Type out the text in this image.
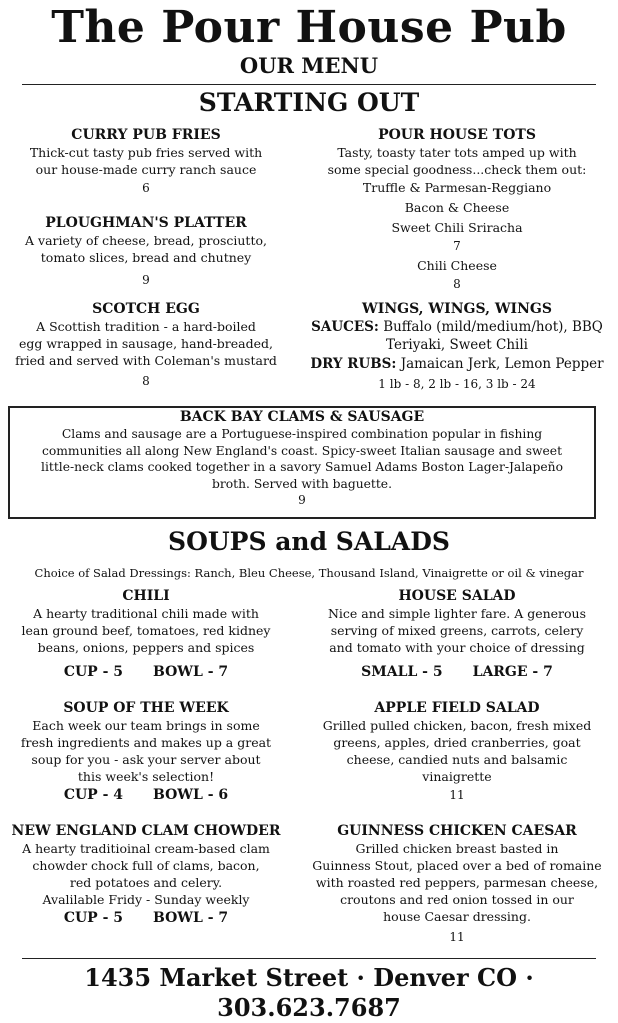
The Pour House Pub
OUR MENU
STARTING OUT
CURRY PUB FRIES
Thick-cut tasty pub fries served with
our house-made curry ranch sauce
6
PLOUGHMAN'S PLATTER
A variety of cheese, bread, prosciutto,
tomato slices, bread and chutney
9
SCOTCH EGG
A Scottish tradition - a hard-boiled
egg wrapped in sausage, hand-breaded,
fried and served with Coleman's mustard
8
POUR HOUSE TOTS
Tasty, toasty tater tots amped up with
some special goodness...check them out:
Truffle & Parmesan-Reggiano
Bacon & Cheese
Sweet Chili Sriracha
7
Chili Cheese
8
WINGS, WINGS, WINGS
SAUCES: Buffalo (mild/medium/hot), BBQ
Teriyaki, Sweet Chili
DRY RUBS: Jamaican Jerk, Lemon Pepper
1 lb - 8, 2 lb - 16, 3 lb - 24
BACK BAY CLAMS & SAUSAGE
Clams and sausage are a Portuguese-inspired combination popular in fishing
communities all along New England's coast. Spicy-sweet Italian sausage and sweet
little-neck clams cooked together in a savory Samuel Adams Boston Lager-Jalapeño
broth. Served with baguette.
9
SOUPS and SALADS
Choice of Salad Dressings: Ranch, Bleu Cheese, Thousand Island, Vinaigrette or oil & vinegar
CHILI
A hearty traditional chili made with
lean ground beef, tomatoes, red kidney
beans, onions, peppers and spices
CUP - 5 BOWL - 7
SOUP OF THE WEEK
Each week our team brings in some
fresh ingredients and makes up a great
soup for you - ask your server about
this week's selection!
CUP - 4 BOWL - 6
NEW ENGLAND CLAM CHOWDER
A hearty traditioinal cream-based clam
chowder chock full of clams, bacon,
red potatoes and celery.
Avalilable Fridy - Sunday weekly
CUP - 5 BOWL - 7
HOUSE SALAD
Nice and simple lighter fare. A generous
serving of mixed greens, carrots, celery
and tomato with your choice of dressing
SMALL - 5 LARGE - 7
APPLE FIELD SALAD
Grilled pulled chicken, bacon, fresh mixed
greens, apples, dried cranberries, goat
cheese, candied nuts and balsamic
vinaigrette
11
GUINNESS CHICKEN CAESAR
Grilled chicken breast basted in
Guinness Stout, placed over a bed of romaine
with roasted red peppers, parmesan cheese,
croutons and red onion tossed in our
house Caesar dressing.
11
1435 Market Street · Denver CO · 303.623.7687
